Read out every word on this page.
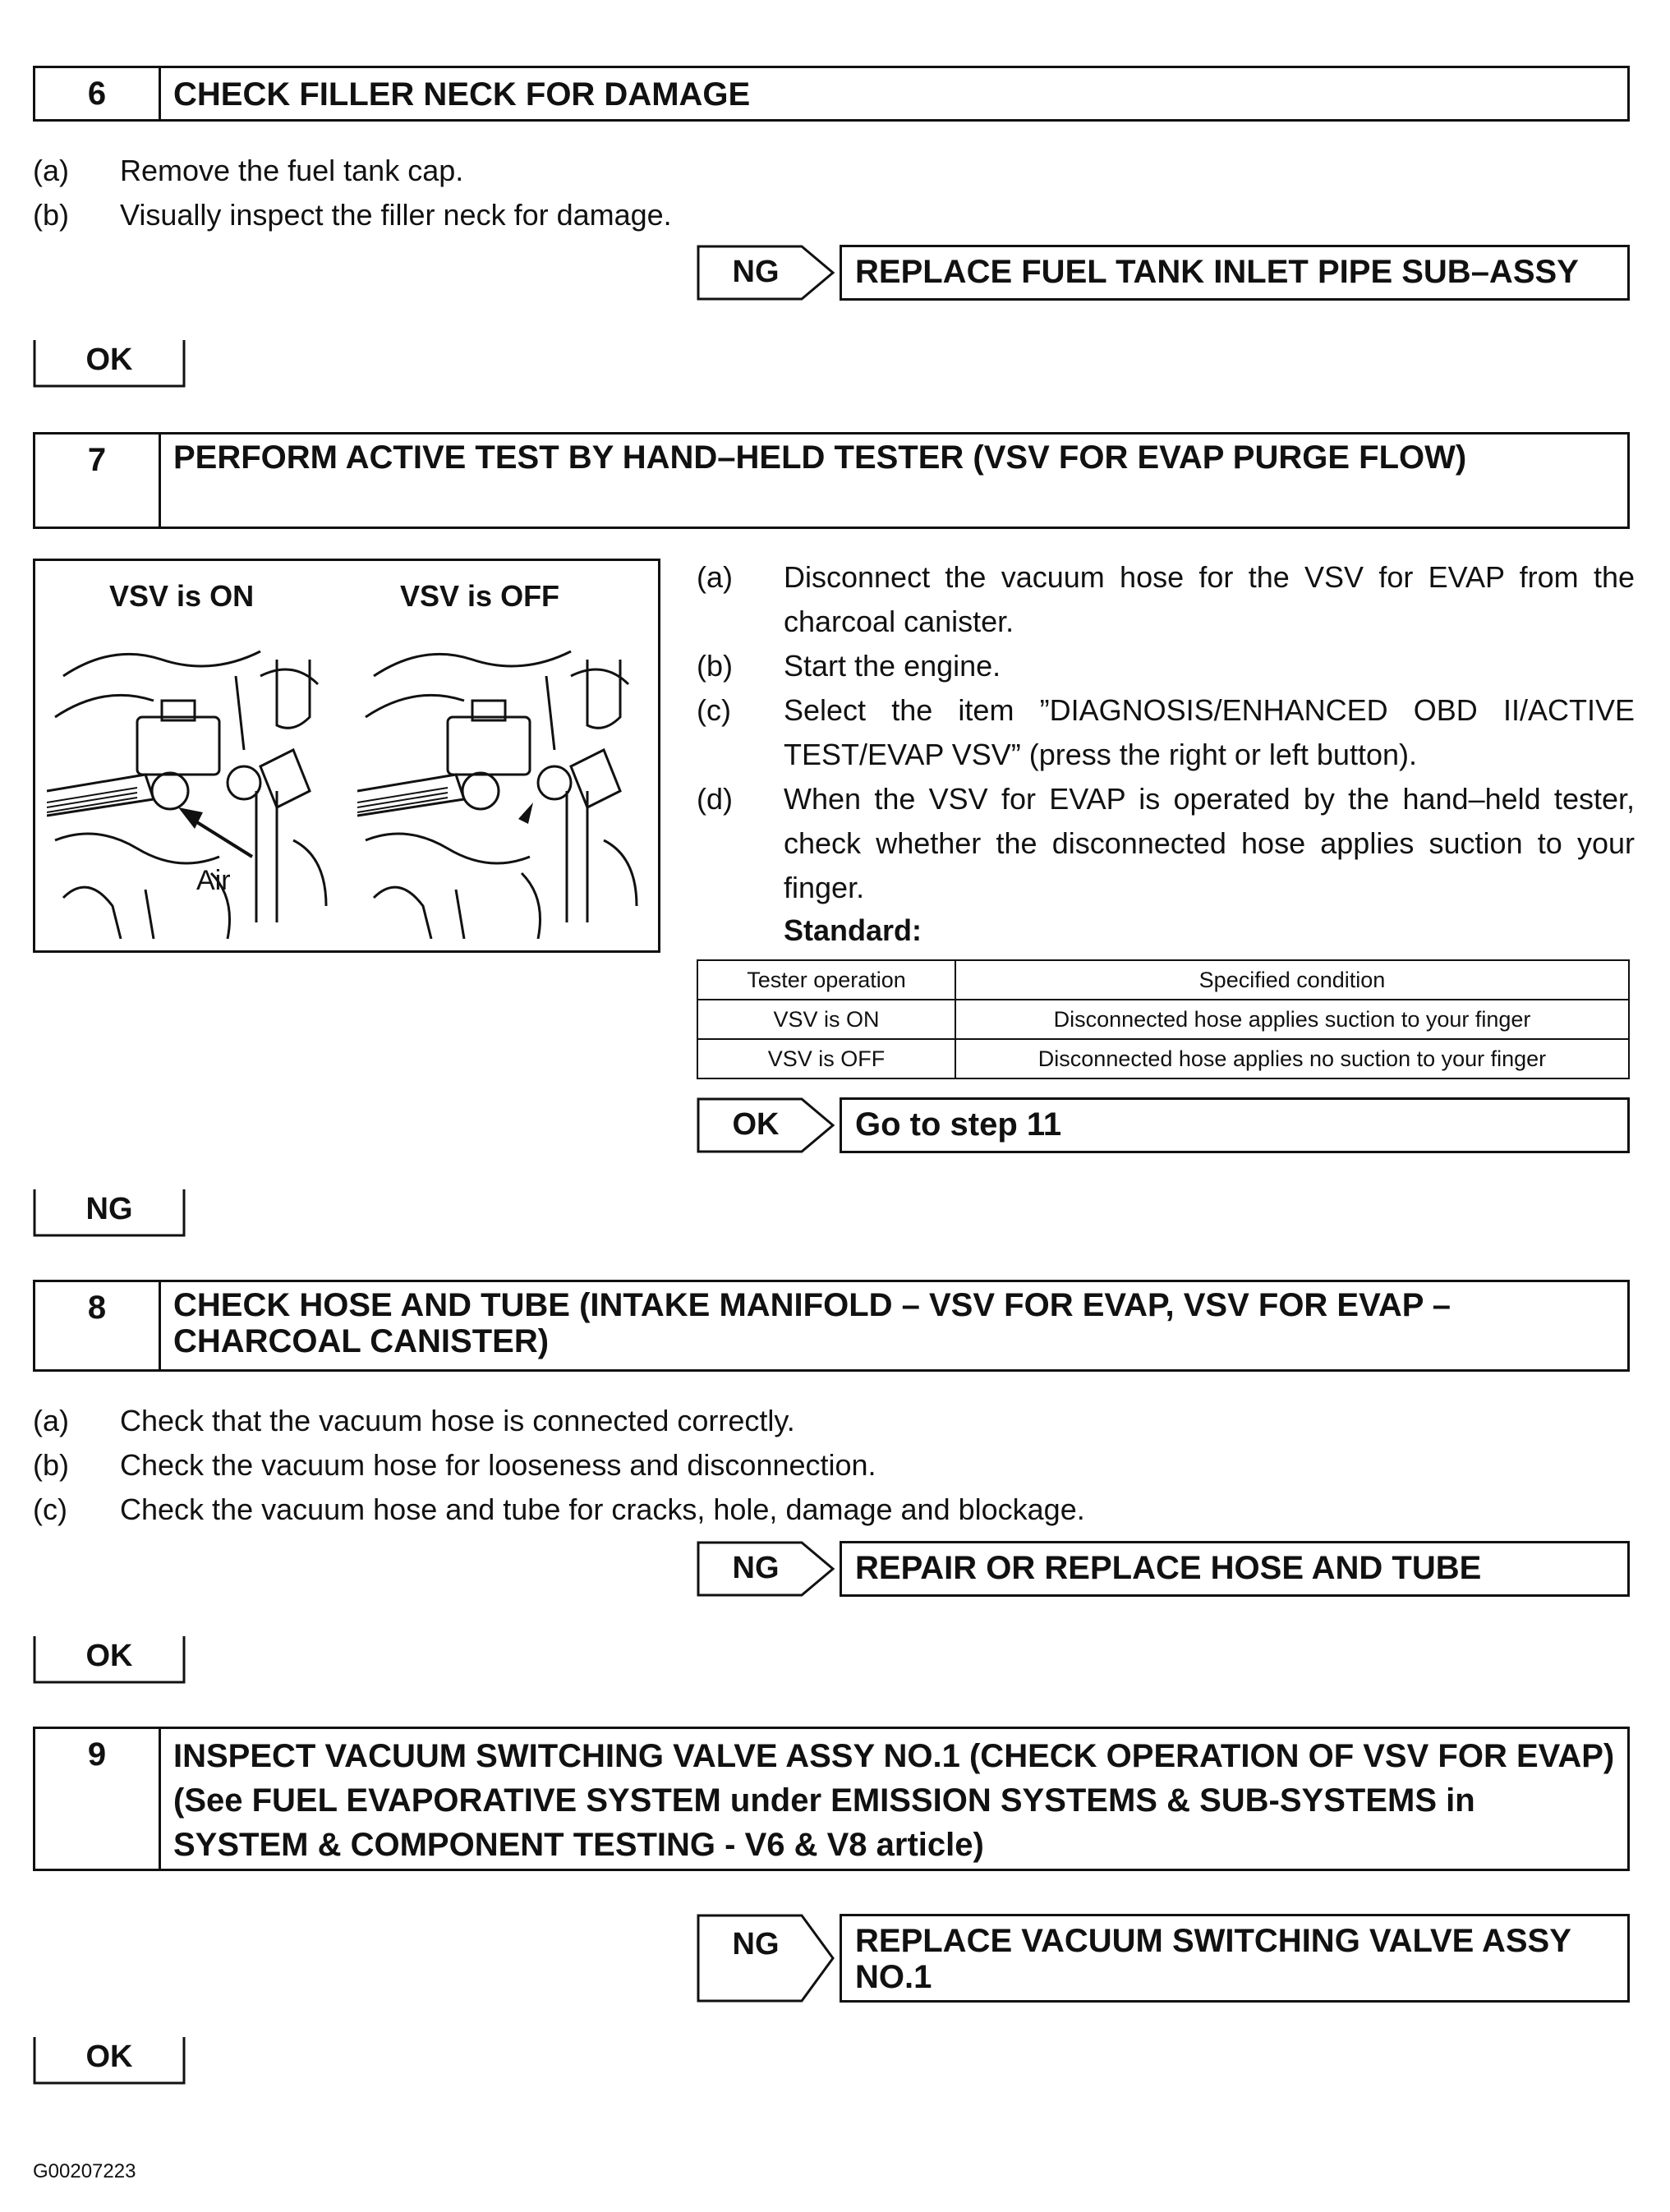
6	CHECK FILLER NECK FOR DAMAGE
(a) Remove the fuel tank cap.
(b) Visually inspect the filler neck for damage.
NG	REPLACE FUEL TANK INLET PIPE SUB–ASSY
OK
7	PERFORM ACTIVE TEST BY HAND–HELD TESTER (VSV FOR EVAP PURGE FLOW)
VSV is ON	VSV is OFF
Air
(a) Disconnect the vacuum hose for the VSV for EVAP from the charcoal canister.
(b) Start the engine.
(c) Select the item ”DIAGNOSIS/ENHANCED OBD II/ACTIVE TEST/EVAP VSV” (press the right or left button).
(d) When the VSV for EVAP is operated by the hand–held tester, check whether the disconnected hose applies suction to your finger.
Standard:
Tester operation	Specified condition
VSV is ON	Disconnected hose applies suction to your finger
VSV is OFF	Disconnected hose applies no suction to your finger
OK	Go to step 11
NG
8	CHECK HOSE AND TUBE (INTAKE MANIFOLD – VSV FOR EVAP, VSV FOR EVAP – CHARCOAL CANISTER)
(a) Check that the vacuum hose is connected correctly.
(b) Check the vacuum hose for looseness and disconnection.
(c) Check the vacuum hose and tube for cracks, hole, damage and blockage.
NG	REPAIR OR REPLACE HOSE AND TUBE
OK
9	INSPECT VACUUM SWITCHING VALVE ASSY NO.1 (CHECK OPERATION OF VSV FOR EVAP) (See FUEL EVAPORATIVE SYSTEM under EMISSION SYSTEMS & SUB-SYSTEMS in SYSTEM & COMPONENT TESTING - V6 & V8 article)
NG	REPLACE VACUUM SWITCHING VALVE ASSY NO.1
OK
G00207223
